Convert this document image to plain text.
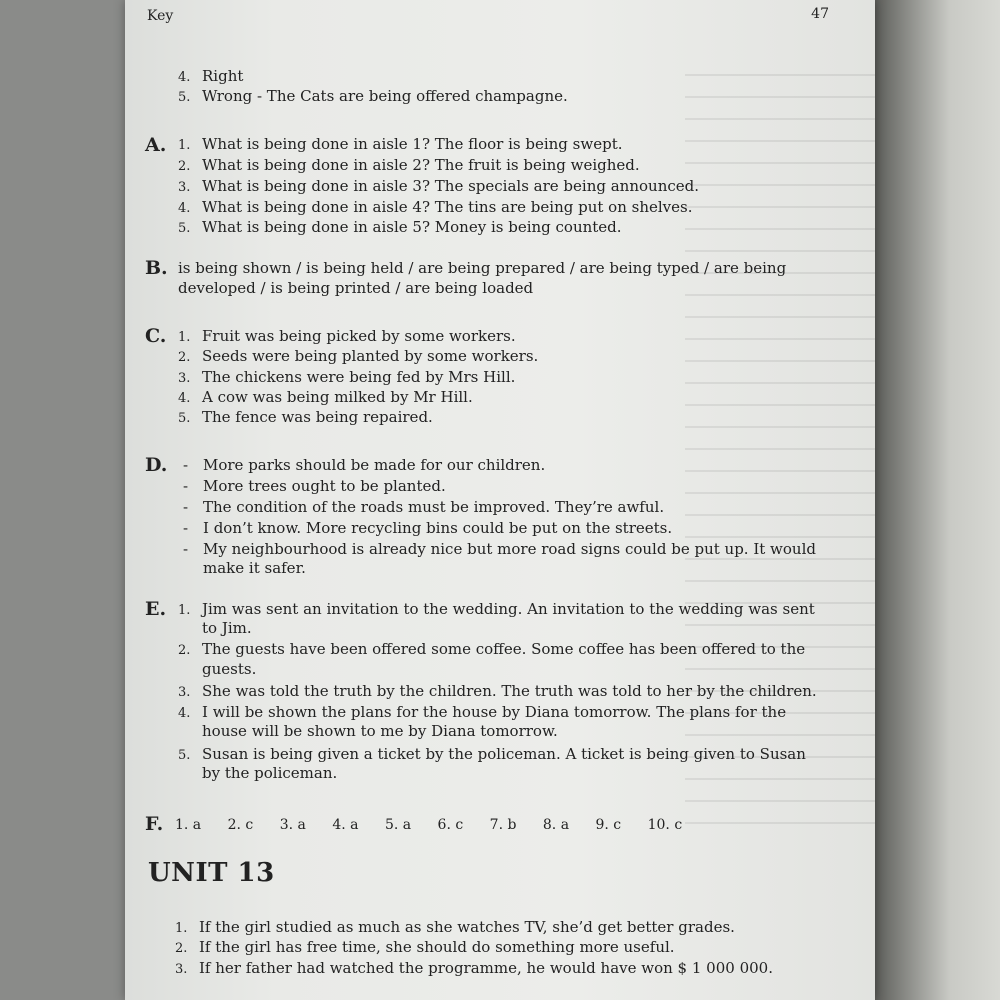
Key	47
4. Right
5. Wrong - The Cats are being offered champagne.
A. 1. What is being done in aisle 1? The floor is being swept.
2. What is being done in aisle 2? The fruit is being weighed.
3. What is being done in aisle 3? The specials are being announced.
4. What is being done in aisle 4? The tins are being put on shelves.
5. What is being done in aisle 5? Money is being counted.
B. is being shown / is being held / are being prepared / are being typed / are being
developed / is being printed / are being loaded
C. 1. Fruit was being picked by some workers.
2. Seeds were being planted by some workers.
3. The chickens were being fed by Mrs Hill.
4. A cow was being milked by Mr Hill.
5. The fence was being repaired.
D. - More parks should be made for our children.
- More trees ought to be planted.
- The condition of the roads must be improved. They’re awful.
- I don’t know. More recycling bins could be put on the streets.
- My neighbourhood is already nice but more road signs could be put up. It would
make it safer.
E. 1. Jim was sent an invitation to the wedding. An invitation to the wedding was sent
to Jim.
2. The guests have been offered some coffee. Some coffee has been offered to the
guests.
3. She was told the truth by the children. The truth was told to her by the children.
4. I will be shown the plans for the house by Diana tomorrow. The plans for the
house will be shown to me by Diana tomorrow.
5. Susan is being given a ticket by the policeman. A ticket is being given to Susan
by the policeman.
F. 1. a 2. c 3. a 4. a 5. a 6. c 7. b 8. a 9. c 10. c
UNIT 13
1. If the girl studied as much as she watches TV, she’d get better grades.
2. If the girl has free time, she should do something more useful.
3. If her father had watched the programme, he would have won $ 1 000 000.
